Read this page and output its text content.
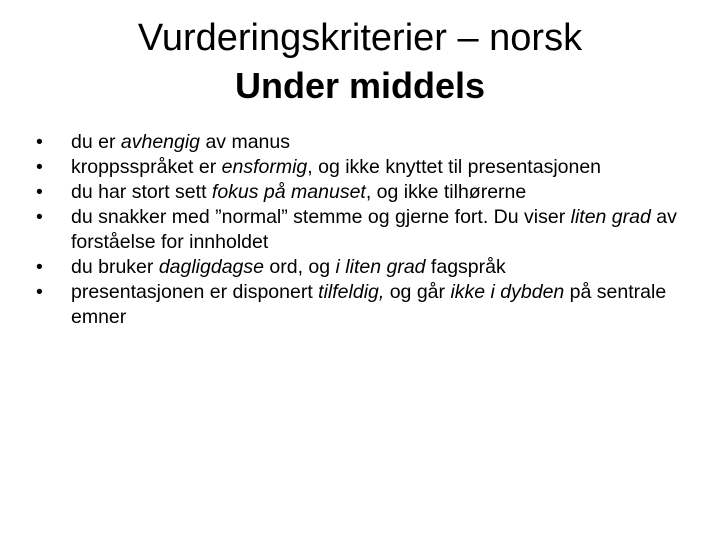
Vurderingskriterier – norsk
Under middels
•	du er avhengig av manus
•	kroppsspråket er ensformig, og ikke knyttet til presentasjonen
•	du har stort sett fokus på manuset, og ikke tilhørerne
•	du snakker med ”normal” stemme og gjerne fort. Du viser liten grad av forståelse for innholdet
•	du bruker dagligdagse ord, og i liten grad fagspråk
•	presentasjonen er disponert tilfeldig, og går ikke i dybden på sentrale emner
